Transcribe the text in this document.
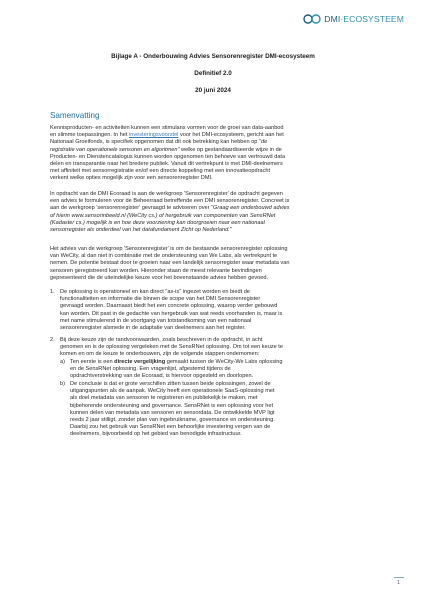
DMI·ECOSYSTEEM
Bijlage A - Onderbouwing Advies Sensorenregister DMI-ecosysteem
Definitief 2.0
20 juni 2024
Samenvatting
Kennisproducten- en activiteiten kunnen een stimulans vormen voor de groei van data-aanbod
en slimme toepassingen. In het investeringsvoorstel voor het DMI-ecosysteem, gericht aan het
Nationaal Groeifonds, is specifiek opgenomen dat dit ook betrekking kan hebben op "de
registratie van operationele sensoren en algoritmen" welke op gestandaardiseerde wijze in de
Producten- en Dienstencatalogus kunnen worden opgenomen ten behoeve van vertrouwd data
delen en transparantie naar het bredere publiek. Vanuit dit vertrekpunt is met DMI-deelnemers
met affiniteit met sensorregistratie en/of een directe koppeling met een innovatieopdracht
verkent welke opties mogelijk zijn voor een sensorenregister DMI.
In opdracht van de DMI Ecoraad is aan de werkgroep 'Sensorenregister' de opdracht gegeven
een advies te formuleren voor de Beheerraad betreffende een DMI sensorenregister. Concreet is
aan de werkgroep 'sensorenregister' gevraagd te adviseren over "Graag een onderbouwd advies
of hierin www.sensorinbeeld.nl (WeCity cs.) of hergebruik van componenten van SensRNet
(Kadaster cs.) mogelijk is en hoe deze voorziening kan doorgroeien naar een nationaal
sensorregister als onderdeel van het datafundament Zicht op Nederland."
Het advies van de werkgroep 'Sensorenregister' is om de bestaande sensorenregister oplossing
van WeCity, al dan niet in combinatie met de ondersteuning van We Labs, als vertrekpunt te
nemen. De potentie bestaat door te groeien naar een landelijk sensorregister waar metadata van
sensoren geregistreerd kan worden. Hieronder staan de meest relevante bevindingen
gepresenteerd die de uiteindelijke keuze voor het bovenstaande advies hebben gevoed.
1. De oplossing is operationeel en kan direct "as-is" ingezet worden en biedt de
functionaliteiten en informatie die binnen de scope van het DMI Sensorenregister
gevraagd worden. Daarnaast biedt het een concrete oplossing, waarop verder gebouwd
kan worden. Dit past in de gedachte van hergebruik van wat reeds voorhanden is, maar is
met name stimulerend in de voortgang van totstandkoming van een nationaal
sensorenregister alsmede in de adaptatie van deelnemers aan het register.
2. Bij deze keuze zijn de randvoorwaarden, zoals beschreven in de opdracht, in acht
genomen en is de oplossing vergeleken met de SensRNet oplossing. Om tot een keuze te
komen en om de keuze te onderbouwen, zijn de volgende stappen ondernomen:
a) Ten eerste is een directe vergelijking gemaakt tussen de WeCity-We Labs oplossing
en de SensRNet oplossing. Een vragenlijst, afgestemd tijdens de
opdrachtverstrekking van de Ecoraad, is hiervoor opgesteld en doorlopen.
b) De conclusie is dat er grote verschillen zitten tussen beide oplossingen, zowel de
uitgangspunten als de aanpak. WeCity heeft een operationele SaaS-oplossing met
als doel metadata van sensoren te registreren en publiekelijk te maken, met
bijbehorende ondersteuning and governance. SensRNet is een oplossing voor het
kunnen delen van metadata van sensoren en sensordata. De ontwikkelde MVP ligt
reeds 2 jaar stilligt, zonder plan van ingebruikname, governance en ondersteuning.
Daarbij zou het gebruik van SensRNet een behoorlijke investering vergen van de
deelnemers, bijvoorbeeld op het gebied van benodigde infrastructuur.
1
